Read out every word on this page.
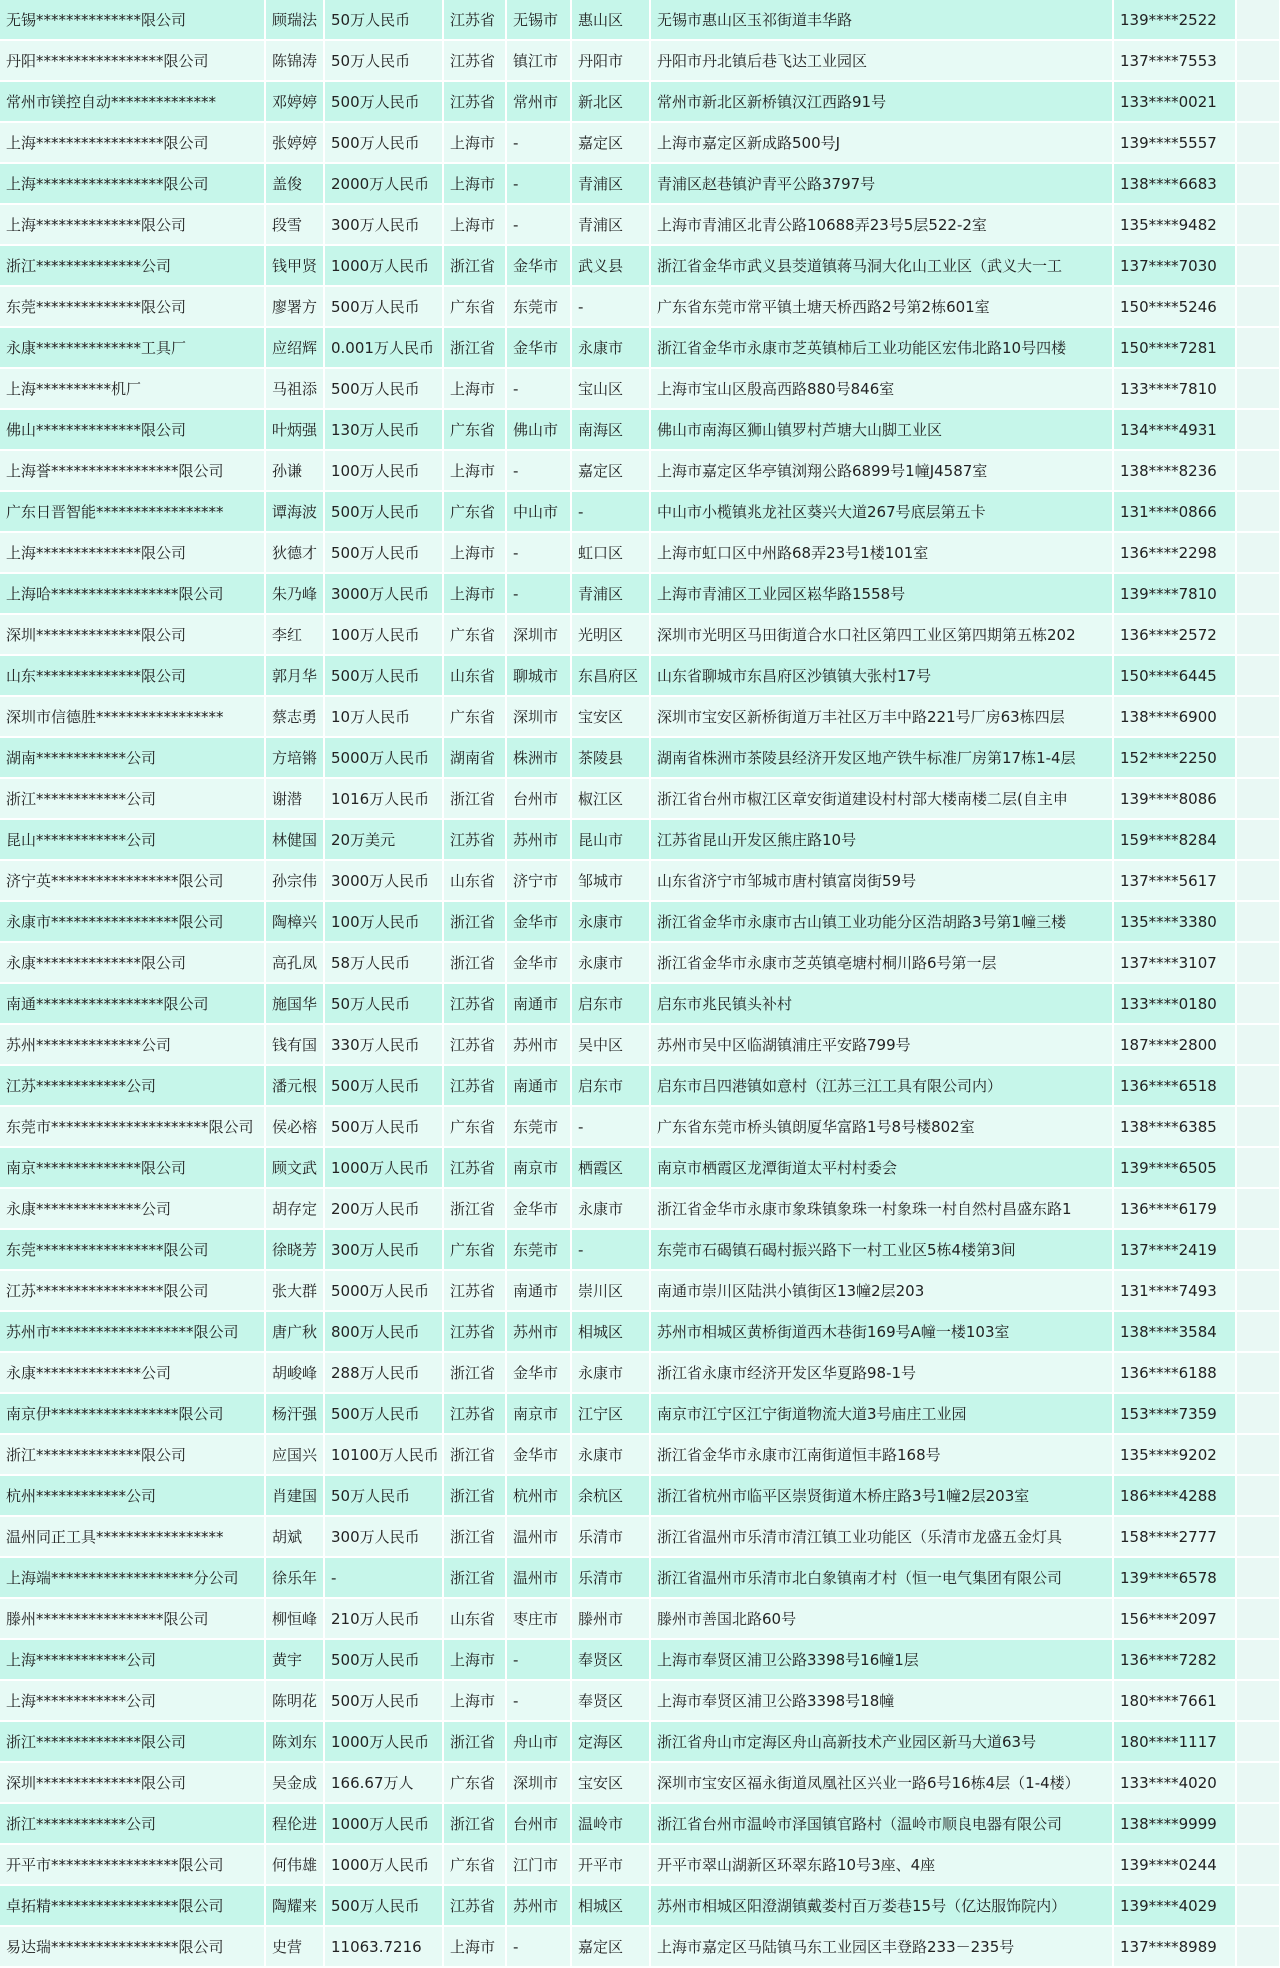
无锡**************限公司	顾瑞法	50万人民币	江苏省	无锡市	惠山区	无锡市惠山区玉祁街道丰华路	139****2522	
丹阳*****************限公司	陈锦涛	50万人民币	江苏省	镇江市	丹阳市	丹阳市丹北镇后巷飞达工业园区	137****7553	
常州市镁控自动**************	邓婷婷	500万人民币	江苏省	常州市	新北区	常州市新北区新桥镇汉江西路91号	133****0021	
上海*****************限公司	张婷婷	500万人民币	上海市	-	嘉定区	上海市嘉定区新成路500号J	139****5557	
上海*****************限公司	盖俊	2000万人民币	上海市	-	青浦区	青浦区赵巷镇沪青平公路3797号	138****6683	
上海**************限公司	段雪	300万人民币	上海市	-	青浦区	上海市青浦区北青公路10688弄23号5层522-2室	135****9482	
浙江**************公司	钱甲贤	1000万人民币	浙江省	金华市	武义县	浙江省金华市武义县茭道镇蒋马洞大化山工业区（武义大一工	137****7030	
东莞**************限公司	廖署方	500万人民币	广东省	东莞市	-	广东省东莞市常平镇土塘天桥西路2号第2栋601室	150****5246	
永康**************工具厂	应绍辉	0.001万人民币	浙江省	金华市	永康市	浙江省金华市永康市芝英镇柿后工业功能区宏伟北路10号四楼	150****7281	
上海**********机厂	马祖添	500万人民币	上海市	-	宝山区	上海市宝山区殷高西路880号846室	133****7810	
佛山**************限公司	叶炳强	130万人民币	广东省	佛山市	南海区	佛山市南海区狮山镇罗村芦塘大山脚工业区	134****4931	
上海誉*****************限公司	孙谦	100万人民币	上海市	-	嘉定区	上海市嘉定区华亭镇浏翔公路6899号1幢J4587室	138****8236	
广东日晋智能*****************	谭海波	500万人民币	广东省	中山市	-	中山市小榄镇兆龙社区葵兴大道267号底层第五卡	131****0866	
上海**************限公司	狄德才	500万人民币	上海市	-	虹口区	上海市虹口区中州路68弄23号1楼101室	136****2298	
上海哈*****************限公司	朱乃峰	3000万人民币	上海市	-	青浦区	上海市青浦区工业园区崧华路1558号	139****7810	
深圳**************限公司	李红	100万人民币	广东省	深圳市	光明区	深圳市光明区马田街道合水口社区第四工业区第四期第五栋202	136****2572	
山东**************限公司	郭月华	500万人民币	山东省	聊城市	东昌府区	山东省聊城市东昌府区沙镇镇大张村17号	150****6445	
深圳市信德胜*****************	蔡志勇	10万人民币	广东省	深圳市	宝安区	深圳市宝安区新桥街道万丰社区万丰中路221号厂房63栋四层	138****6900	
湖南************公司	方培锵	5000万人民币	湖南省	株洲市	茶陵县	湖南省株洲市茶陵县经济开发区地产铁牛标准厂房第17栋1-4层	152****2250	
浙江************公司	谢潜	1016万人民币	浙江省	台州市	椒江区	浙江省台州市椒江区章安街道建设村村部大楼南楼二层(自主申	139****8086	
昆山************公司	林健国	20万美元	江苏省	苏州市	昆山市	江苏省昆山开发区熊庄路10号	159****8284	
济宁英*****************限公司	孙宗伟	3000万人民币	山东省	济宁市	邹城市	山东省济宁市邹城市唐村镇富岗街59号	137****5617	
永康市*****************限公司	陶樟兴	100万人民币	浙江省	金华市	永康市	浙江省金华市永康市古山镇工业功能分区浩胡路3号第1幢三楼	135****3380	
永康**************限公司	高孔凤	58万人民币	浙江省	金华市	永康市	浙江省金华市永康市芝英镇亳塘村桐川路6号第一层	137****3107	
南通*****************限公司	施国华	50万人民币	江苏省	南通市	启东市	启东市兆民镇头补村	133****0180	
苏州**************公司	钱有国	330万人民币	江苏省	苏州市	吴中区	苏州市吴中区临湖镇浦庄平安路799号	187****2800	
江苏************公司	潘元根	500万人民币	江苏省	南通市	启东市	启东市吕四港镇如意村（江苏三江工具有限公司内）	136****6518	
东莞市*********************限公司	侯必榕	500万人民币	广东省	东莞市	-	广东省东莞市桥头镇朗厦华富路1号8号楼802室	138****6385	
南京**************限公司	顾文武	1000万人民币	江苏省	南京市	栖霞区	南京市栖霞区龙潭街道太平村村委会	139****6505	
永康**************公司	胡存定	200万人民币	浙江省	金华市	永康市	浙江省金华市永康市象珠镇象珠一村象珠一村自然村昌盛东路1	136****6179	
东莞*****************限公司	徐晓芳	300万人民币	广东省	东莞市	-	东莞市石碣镇石碣村振兴路下一村工业区5栋4楼第3间	137****2419	
江苏*****************限公司	张大群	5000万人民币	江苏省	南通市	崇川区	南通市崇川区陆洪小镇街区13幢2层203	131****7493	
苏州市*******************限公司	唐广秋	800万人民币	江苏省	苏州市	相城区	苏州市相城区黄桥街道西木巷街169号A幢一楼103室	138****3584	
永康**************公司	胡峻峰	288万人民币	浙江省	金华市	永康市	浙江省永康市经济开发区华夏路98-1号	136****6188	
南京伊*****************限公司	杨汗强	500万人民币	江苏省	南京市	江宁区	南京市江宁区江宁街道物流大道3号庙庄工业园	153****7359	
浙江**************限公司	应国兴	10100万人民币	浙江省	金华市	永康市	浙江省金华市永康市江南街道恒丰路168号	135****9202	
杭州************公司	肖建国	50万人民币	浙江省	杭州市	余杭区	浙江省杭州市临平区崇贤街道木桥庄路3号1幢2层203室	186****4288	
温州同正工具*****************	胡斌	300万人民币	浙江省	温州市	乐清市	浙江省温州市乐清市清江镇工业功能区（乐清市龙盛五金灯具	158****2777	
上海端*******************分公司	徐乐年	-	浙江省	温州市	乐清市	浙江省温州市乐清市北白象镇南才村（恒一电气集团有限公司	139****6578	
滕州*****************限公司	柳恒峰	210万人民币	山东省	枣庄市	滕州市	滕州市善国北路60号	156****2097	
上海************公司	黄宇	500万人民币	上海市	-	奉贤区	上海市奉贤区浦卫公路3398号16幢1层	136****7282	
上海************公司	陈明花	500万人民币	上海市	-	奉贤区	上海市奉贤区浦卫公路3398号18幢	180****7661	
浙江**************限公司	陈刘东	1000万人民币	浙江省	舟山市	定海区	浙江省舟山市定海区舟山高新技术产业园区新马大道63号	180****1117	
深圳**************限公司	吴金成	166.67万人	广东省	深圳市	宝安区	深圳市宝安区福永街道凤凰社区兴业一路6号16栋4层（1-4楼）	133****4020	
浙江************公司	程伦进	1000万人民币	浙江省	台州市	温岭市	浙江省台州市温岭市泽国镇官路村（温岭市顺良电器有限公司	138****9999	
开平市*****************限公司	何伟雄	1000万人民币	广东省	江门市	开平市	开平市翠山湖新区环翠东路10号3座、4座	139****0244	
卓拓精*****************限公司	陶耀来	500万人民币	江苏省	苏州市	相城区	苏州市相城区阳澄湖镇戴娄村百万娄巷15号（亿达服饰院内）	139****4029	
易达瑞*****************限公司	史营	11063.7216	上海市	-	嘉定区	上海市嘉定区马陆镇马东工业园区丰登路233－235号	137****8989	
